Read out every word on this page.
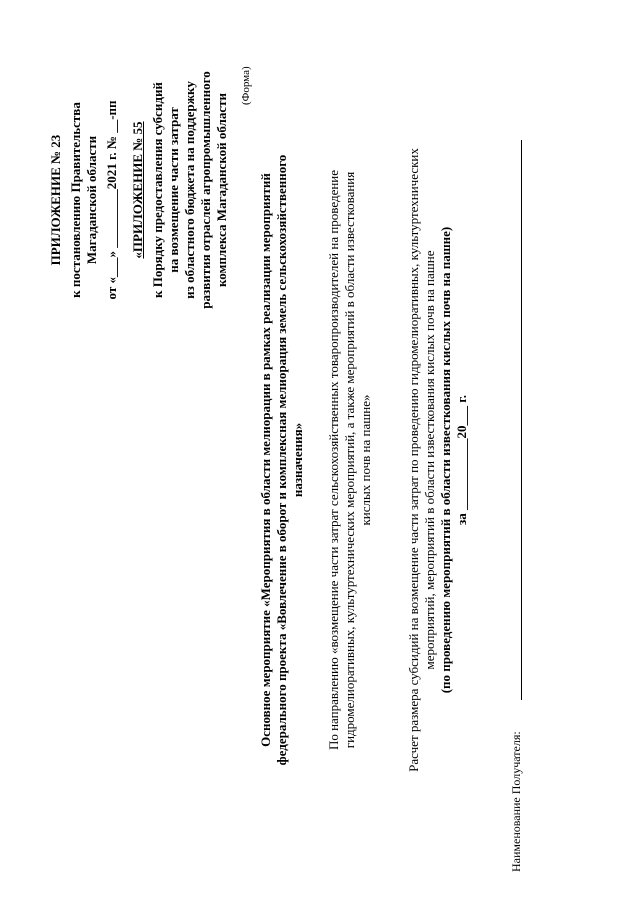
ПРИЛОЖЕНИЕ № 23 к постановлению Правительства Магаданской области от «___» _________2021 г. № __-пп «ПРИЛОЖЕНИЕ № 55 к Порядку предоставления субсидий на возмещение части затрат из областного бюджета на поддержку развития отраслей агропромышленного комплекса Магаданской области
(Форма)
Основное мероприятие «Мероприятия в области мелиорации в рамках реализации мероприятий федерального проекта «Вовлечение в оборот и комплексная мелиорация земель сельскохозяйственного назначения» По направлению «возмещение части затрат сельскохозяйственных товаропроизводителей на проведение гидромелиоративных, культуртехнических мероприятий, а также мероприятий в области известкования кислых почв на пашне»	Расчет размера субсидий на возмещение части затрат по проведению гидромелиоративных, культуртехнических мероприятий, мероприятий в области известкования кислых почв на пашне (по проведению мероприятий в области известкования кислых почв на пашне) за ___________20___ г.
Наименование Получателя:
